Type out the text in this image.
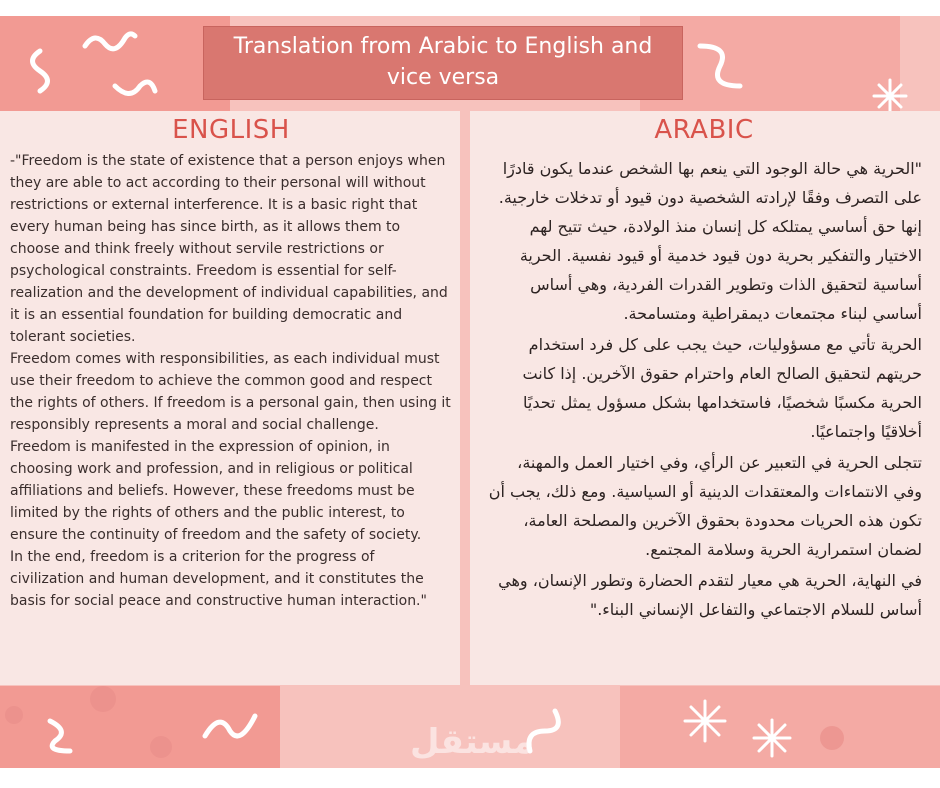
Translation from Arabic to English and vice versa
ENGLISH

-"Freedom is the state of existence that a person enjoys when they are able to act according to their personal will without restrictions or external interference. It is a basic right that every human being has since birth, as it allows them to choose and think freely without servile restrictions or psychological constraints. Freedom is essential for self-realization and the development of individual capabilities, and it is an essential foundation for building democratic and tolerant societies.

Freedom comes with responsibilities, as each individual must use their freedom to achieve the common good and respect the rights of others. If freedom is a personal gain, then using it responsibly represents a moral and social challenge.

Freedom is manifested in the expression of opinion, in choosing work and profession, and in religious or political affiliations and beliefs. However, these freedoms must be limited by the rights of others and the public interest, to ensure the continuity of freedom and the safety of society.

In the end, freedom is a criterion for the progress of civilization and human development, and it constitutes the basis for social peace and constructive human interaction."

ARABIC

"الحرية هي حالة الوجود التي ينعم بها الشخص عندما يكون قادرًا على التصرف وفقًا لإرادته الشخصية دون قيود أو تدخلات خارجية. إنها حق أساسي يمتلكه كل إنسان منذ الولادة، حيث تتيح لهم الاختيار والتفكير بحرية دون قيود خدمية أو قيود نفسية. الحرية أساسية لتحقيق الذات وتطوير القدرات الفردية، وهي أساس أساسي لبناء مجتمعات ديمقراطية ومتسامحة.

الحرية تأتي مع مسؤوليات، حيث يجب على كل فرد استخدام حريتهم لتحقيق الصالح العام واحترام حقوق الآخرين. إذا كانت الحرية مكسبًا شخصيًا، فاستخدامها بشكل مسؤول يمثل تحديًا أخلاقيًا واجتماعيًا.

تتجلى الحرية في التعبير عن الرأي، وفي اختيار العمل والمهنة، وفي الانتماءات والمعتقدات الدينية أو السياسية. ومع ذلك، يجب أن تكون هذه الحريات محدودة بحقوق الآخرين والمصلحة العامة، لضمان استمرارية الحرية وسلامة المجتمع.

في النهاية، الحرية هي معيار لتقدم الحضارة وتطور الإنسان، وهي أساس للسلام الاجتماعي والتفاعل الإنساني البناء."

مستقل
